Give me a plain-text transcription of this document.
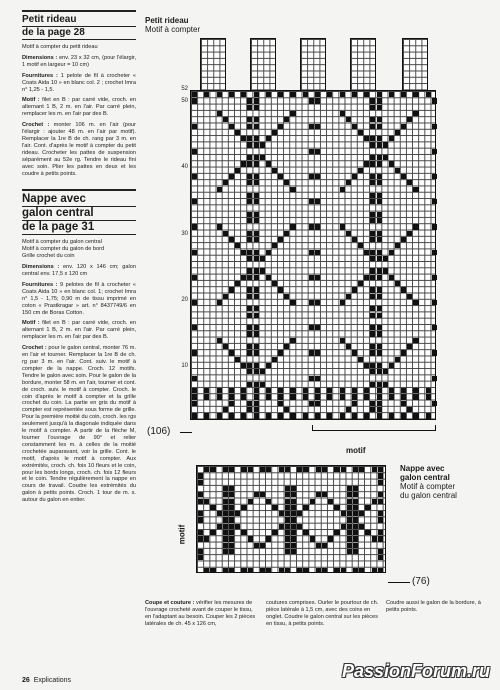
Petit rideau
de la page 28

Motif à compter du petit rideau

Dimensions : env. 23 x 32 cm, (pour l'élargir, 1 motif en largeur = 10 cm)

Fournitures : 1 pelote de fil à crocheter « Coats Aida 10 » en blanc col. 2 ; crochet Imra n° 1,25 - 1,5.

Motif : filet en B : par carré vide, croch. en alternant 1 B, 2 m. en l'air. Par carré plein, remplacer les m. en l'air par des B.

Crochet : monter 106 m. en l'air (pour l'élargir : ajouter 48 m. en l'air par motif). Remplacer la 1re B de ch. rang par 3 m. en l'air. Cont. d'après le motif à compter du petit rideau. Crocheter les pattes de suspension séparément au 52e rg. Tendre le rideau fini avec soin. Plier les pattes en deux et les coudre à petits points.

Nappe avec
galon central
de la page 31

Motif à compter du galon central

Motif à compter du galon de bord

Grille crochet du coin

Dimensions : env. 120 x 146 cm; galon central env. 17,5 x 120 cm

Fournitures : 9 pelotes de fil à crocheter « Coats Aida 10 » en blanc col. 1; crochet Imra n° 1,5 - 1,75; 0,90 m de tissu imprimé en coton « Prastkragar » art. n° 8437749/6 en 150 cm de Boras Cotton.

Motif : filet en B : par carré vide, croch. en alternant 1 B, 2 m. en l'air. Par carré plein, remplacer les m. en l'air par des B.

Crochet : pour le galon central, monter 76 m. en l'air et tourner. Remplacer la 1re B de ch. rg par 3 m. en l'air. Cont. suiv. le motif à compter de la nappe. Croch. 12 motifs. Tendre le galon avec soin. Pour le galon de la bordure, monter 58 m. en l'air, tourner et cont. de croch. suiv. le motif à compter. Croch. le coin d'après le motif à compter et la grille crochet du coin. La partie en gris du motif à compter est représentée sous forme de grille. Pour la première moitié du coin, croch. les rgs seulement jusqu'à la diagonale indiquée dans le motif à compter. A partir de la flèche M, tourner l'ouvrage de 90° et relier constamment les m. à celles de la moitié crochetée auparavant, voir la grille. Cont. le motif, d'après le motif à compter. Aux extrémités, croch. ch. fois 10 fleurs et le coin, pour les bords longs, croch. ch. fois 12 fleurs et le coin. Tendre régulièrement la nappe en cours de travail. Coudre les extrémités du galon à petits points. Croch. 1 tour de m. s. autour du galon en entier.

Petit rideau
Motif à compter
52
50
40
30
20
10
(106)
motif
Nappe avec
galon central
Motif à compter
du galon central
motif
(76)
Coupe et couture : vérifier les mesures de l'ouvrage crocheté avant de couper le tissu, en l'adaptant au besoin. Couper les 2 pièces latérales de ch. 45 x 126 cm,
coutures comprises. Ourler le pourtour de ch. pièce latérale à 1,5 cm, avec des coins en onglet. Coudre le galon central sur les pièces en tissu, à petits points.
Coudre aussi le galon de la bordure, à petits points.
26 Explications	PassionForum.ru
